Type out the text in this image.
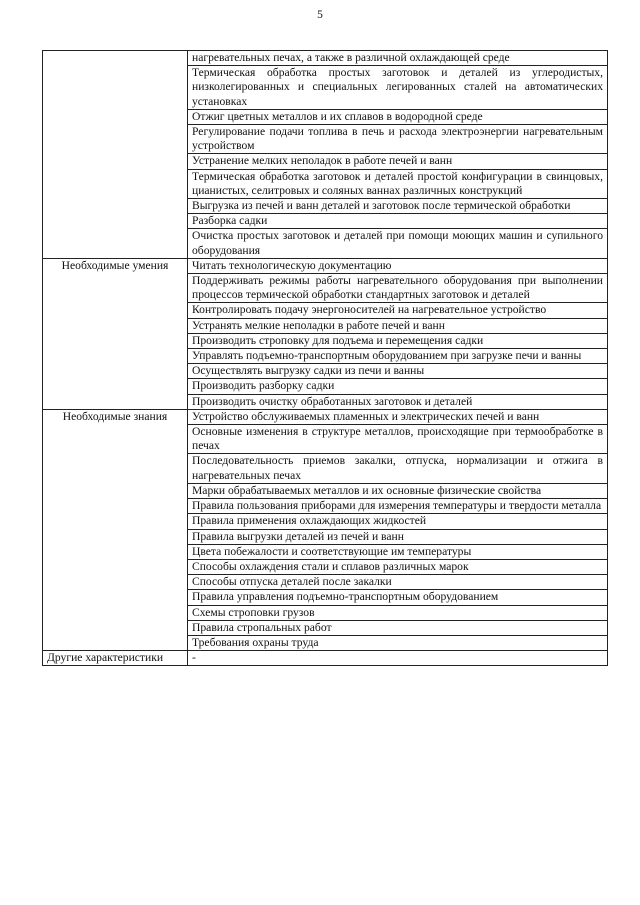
5
	нагревательных печах, а также в различной охлаждающей среде
	Термическая обработка простых заготовок и деталей из углеродистых, низколегированных и специальных легированных сталей на автоматических установках
	Отжиг цветных металлов и их сплавов в водородной среде
	Регулирование подачи топлива в печь и расхода электроэнергии нагревательным устройством
	Устранение мелких неполадок в работе печей и ванн
	Термическая обработка заготовок и деталей простой конфигурации в свинцовых, цианистых, селитровых и соляных ваннах различных конструкций
	Выгрузка из печей и ванн деталей и заготовок после термической обработки
	Разборка садки
	Очистка простых заготовок и деталей при помощи моющих машин и супильного оборудования

Необходимые умения	Читать технологическую документацию
	Поддерживать режимы работы нагревательного оборудования при выполнении процессов термической обработки стандартных заготовок и деталей
	Контролировать подачу энергоносителей на нагревательное устройство
	Устранять мелкие неполадки в работе печей и ванн
	Производить строповку для подъема и перемещения садки
	Управлять подъемно-транспортным оборудованием при загрузке печи и ванны
	Осуществлять выгрузку садки из печи и ванны
	Производить разборку садки
	Производить очистку обработанных заготовок и деталей

Необходимые знания	Устройство обслуживаемых пламенных и электрических печей и ванн
	Основные изменения в структуре металлов, происходящие при термообработке в печах
	Последовательность приемов закалки, отпуска, нормализации и отжига в нагревательных печах
	Марки обрабатываемых металлов и их основные физические свойства
	Правила пользования приборами для измерения температуры и твердости металла
	Правила применения охлаждающих жидкостей
	Правила выгрузки деталей из печей и ванн
	Цвета побежалости и соответствующие им температуры
	Способы охлаждения стали и сплавов различных марок
	Способы отпуска деталей после закалки
	Правила управления подъемно-транспортным оборудованием
	Схемы строповки грузов
	Правила стропальных работ
	Требования охраны труда

Другие характеристики	-
